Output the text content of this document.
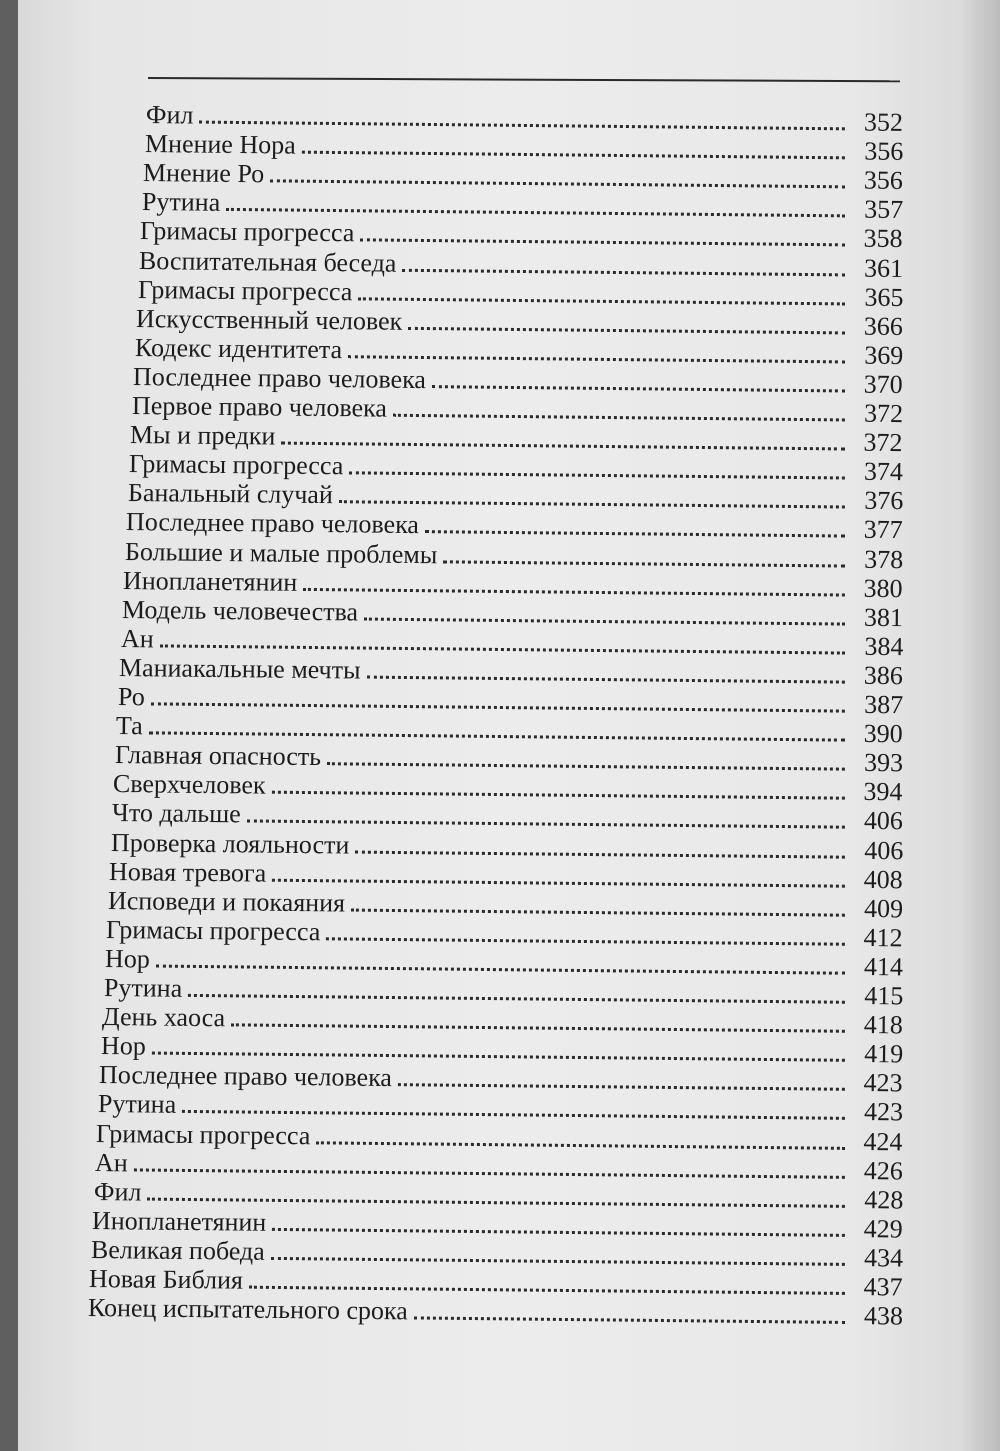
Фил	352
Мнение Нора	356
Мнение Ро	356
Рутина	357
Гримасы прогресса	358
Воспитательная беседа	361
Гримасы прогресса	365
Искусственный человек	366
Кодекс идентитета	369
Последнее право человека	370
Первое право человека	372
Мы и предки	372
Гримасы прогресса	374
Банальный случай	376
Последнее право человека	377
Большие и малые проблемы	378
Инопланетянин	380
Модель человечества	381
Ан	384
Маниакальные мечты	386
Ро	387
Та	390
Главная опасность	393
Сверхчеловек	394
Что дальше	406
Проверка лояльности	406
Новая тревога	408
Исповеди и покаяния	409
Гримасы прогресса	412
Нор	414
Рутина	415
День хаоса	418
Нор	419
Последнее право человека	423
Рутина	423
Гримасы прогресса	424
Ан	426
Фил	428
Инопланетянин	429
Великая победа	434
Новая Библия	437
Конец испытательного срока	438
